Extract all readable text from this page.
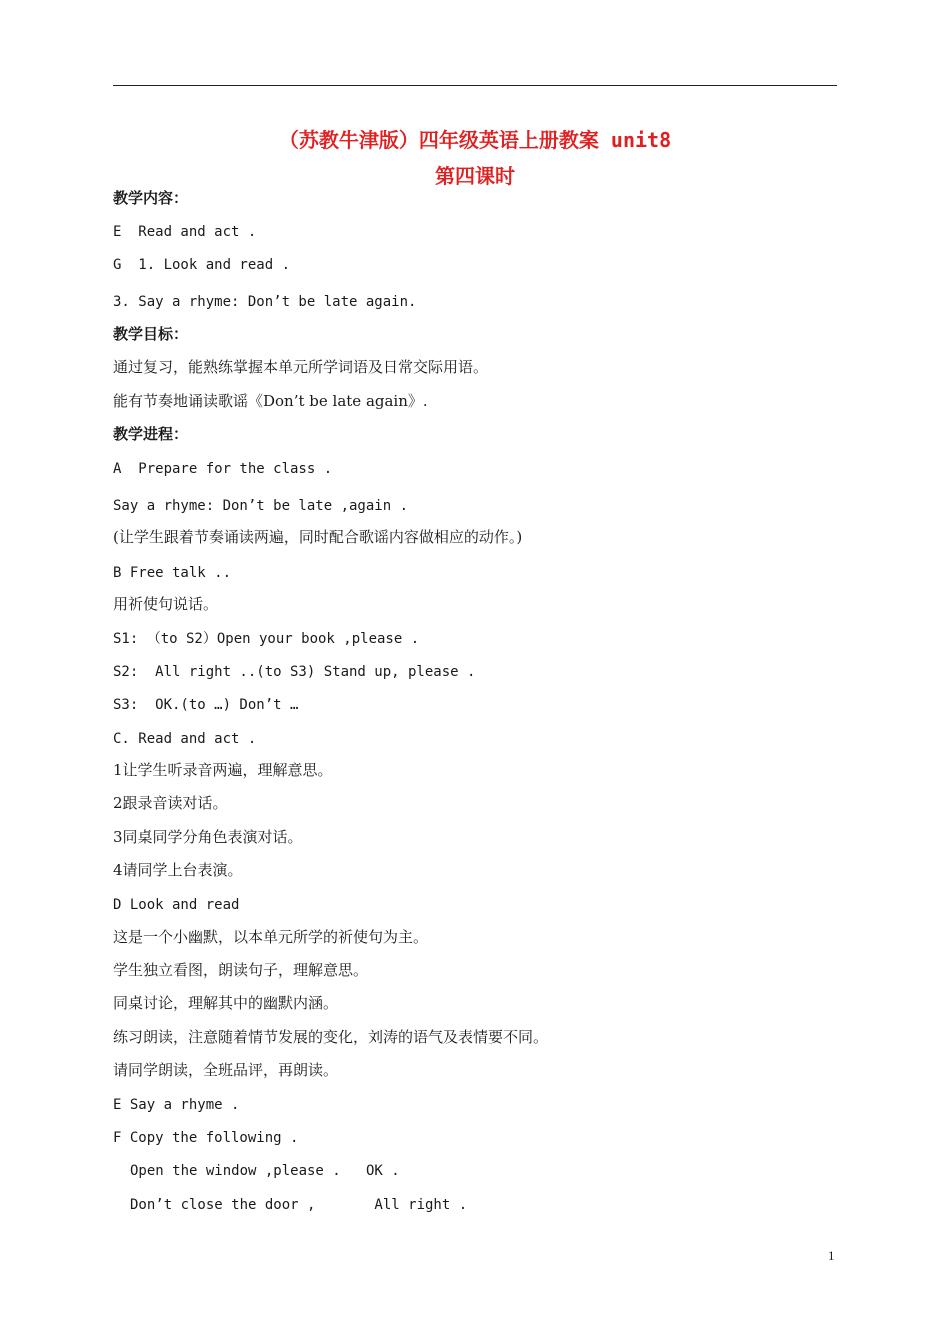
（苏教牛津版）四年级英语上册教案 unit8
第四课时
教学内容：
E  Read and act .
G  1. Look and read .
3. Say a rhyme: Don’t be late again.
教学目标：
通过复习，能熟练掌握本单元所学词语及日常交际用语。
能有节奏地诵读歌谣《Don’t be late again》.
教学进程：
A  Prepare for the class .
Say a rhyme: Don’t be late ,again .
(让学生跟着节奏诵读两遍，同时配合歌谣内容做相应的动作。)
B Free talk ..
用祈使句说话。
S1: （to S2）Open your book ,please .
S2:  All right ..(to S3) Stand up, please .
S3:  OK.(to …) Don’t …
C. Read and act .
1让学生听录音两遍，理解意思。
2跟录音读对话。
3同桌同学分角色表演对话。
4请同学上台表演。
D Look and read
这是一个小幽默，以本单元所学的祈使句为主。
学生独立看图，朗读句子，理解意思。
同桌讨论，理解其中的幽默内涵。
练习朗读，注意随着情节发展的变化，刘涛的语气及表情要不同。
请同学朗读，全班品评，再朗读。
E Say a rhyme .
F Copy the following .
Open the window ,please .   OK .
Don’t close the door ,       All right .
1
